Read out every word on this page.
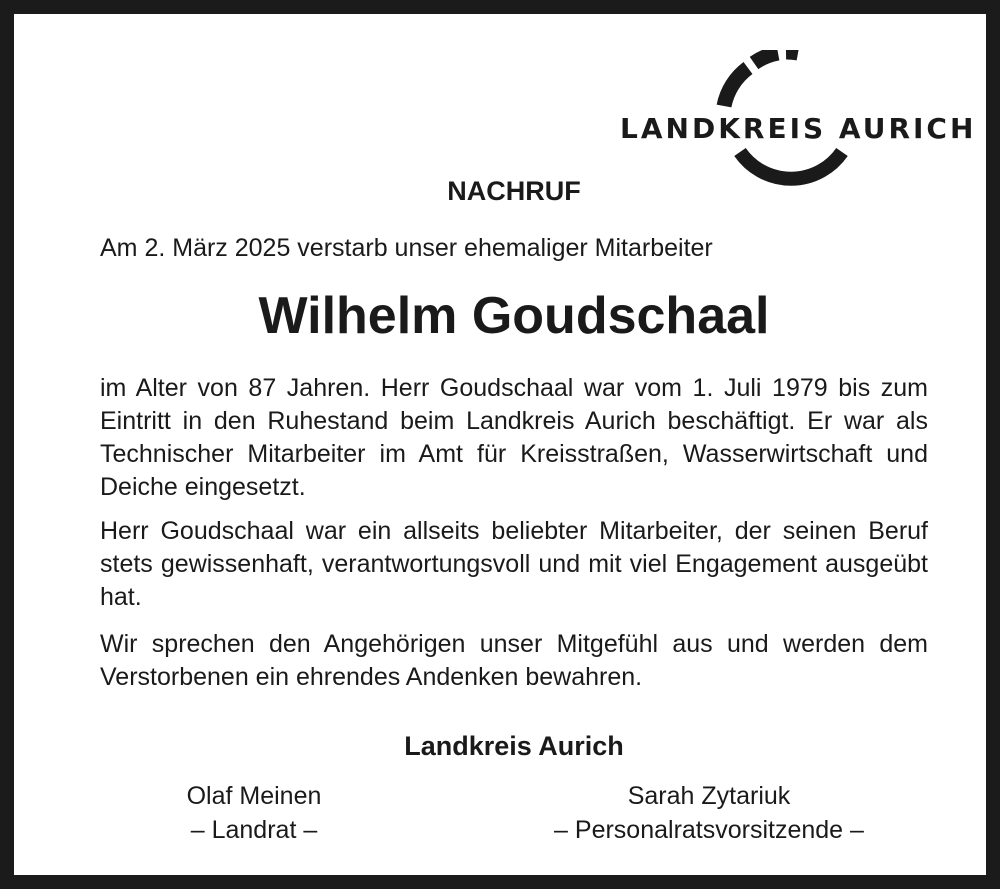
LANDKREIS AURICH
NACHRUF
Am 2. März 2025 verstarb unser ehemaliger Mitarbeiter
Wilhelm Goudschaal
im Alter von 87 Jahren. Herr Goudschaal war vom 1. Juli 1979 bis zum Eintritt in den Ruhestand beim Landkreis Aurich beschäftigt. Er war als Technischer Mitarbeiter im Amt für Kreisstraßen, Wasserwirtschaft und Deiche eingesetzt.
Herr Goudschaal war ein allseits beliebter Mitarbeiter, der seinen Beruf stets gewissenhaft, verantwortungsvoll und mit viel Engagement ausgeübt hat.
Wir sprechen den Angehörigen unser Mitgefühl aus und werden dem Verstorbenen ein ehrendes Andenken bewahren.
Landkreis Aurich
Olaf Meinen
– Landrat –
Sarah Zytariuk
– Personalratsvorsitzende –
